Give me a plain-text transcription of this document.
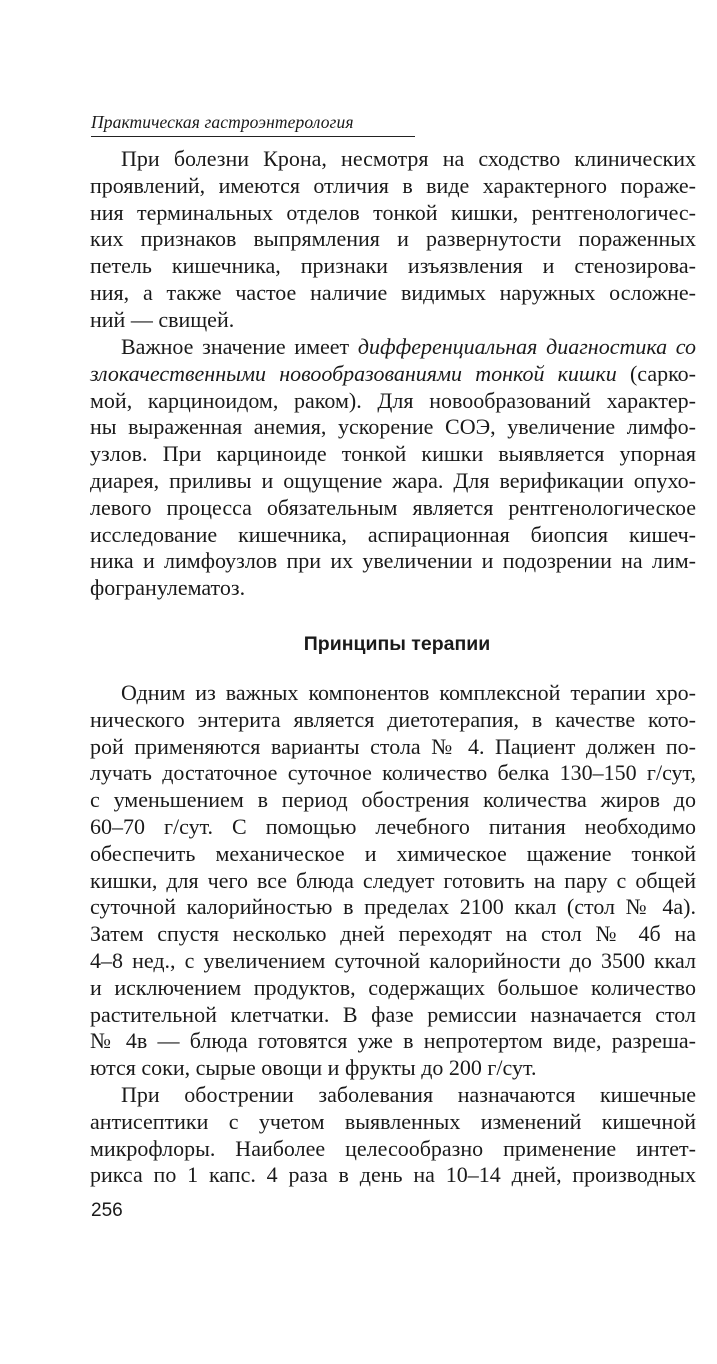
Практическая гастроэнтерология
При болезни Крона, несмотря на сходство клинических
проявлений, имеются отличия в виде характерного пораже-
ния терминальных отделов тонкой кишки, рентгенологичес-
ких признаков выпрямления и развернутости пораженных
петель кишечника, признаки изъязвления и стенозирова-
ния, а также частое наличие видимых наружных осложне-
ний — свищей.
Важное значение имеет дифференциальная диагностика со
злокачественными новообразованиями тонкой кишки (сарко-
мой, карциноидом, раком). Для новообразований характер-
ны выраженная анемия, ускорение СОЭ, увеличение лимфо-
узлов. При карциноиде тонкой кишки выявляется упорная
диарея, приливы и ощущение жара. Для верификации опухо-
левого процесса обязательным является рентгенологическое
исследование кишечника, аспирационная биопсия кишеч-
ника и лимфоузлов при их увеличении и подозрении на лим-
фогранулематоз.
Принципы терапии
Одним из важных компонентов комплексной терапии хро-
нического энтерита является диетотерапия, в качестве кото-
рой применяются варианты стола № 4. Пациент должен по-
лучать достаточное суточное количество белка 130–150 г/сут,
с уменьшением в период обострения количества жиров до
60–70 г/сут. С помощью лечебного питания необходимо
обеспечить механическое и химическое щажение тонкой
кишки, для чего все блюда следует готовить на пару с общей
суточной калорийностью в пределах 2100 ккал (стол № 4а).
Затем спустя несколько дней переходят на стол № 4б на
4–8 нед., с увеличением суточной калорийности до 3500 ккал
и исключением продуктов, содержащих большое количество
растительной клетчатки. В фазе ремиссии назначается стол
№ 4в — блюда готовятся уже в непротертом виде, разреша-
ются соки, сырые овощи и фрукты до 200 г/сут.
При обострении заболевания назначаются кишечные
антисептики с учетом выявленных изменений кишечной
микрофлоры. Наиболее целесообразно применение интет-
рикса по 1 капс. 4 раза в день на 10–14 дней, производных
256
